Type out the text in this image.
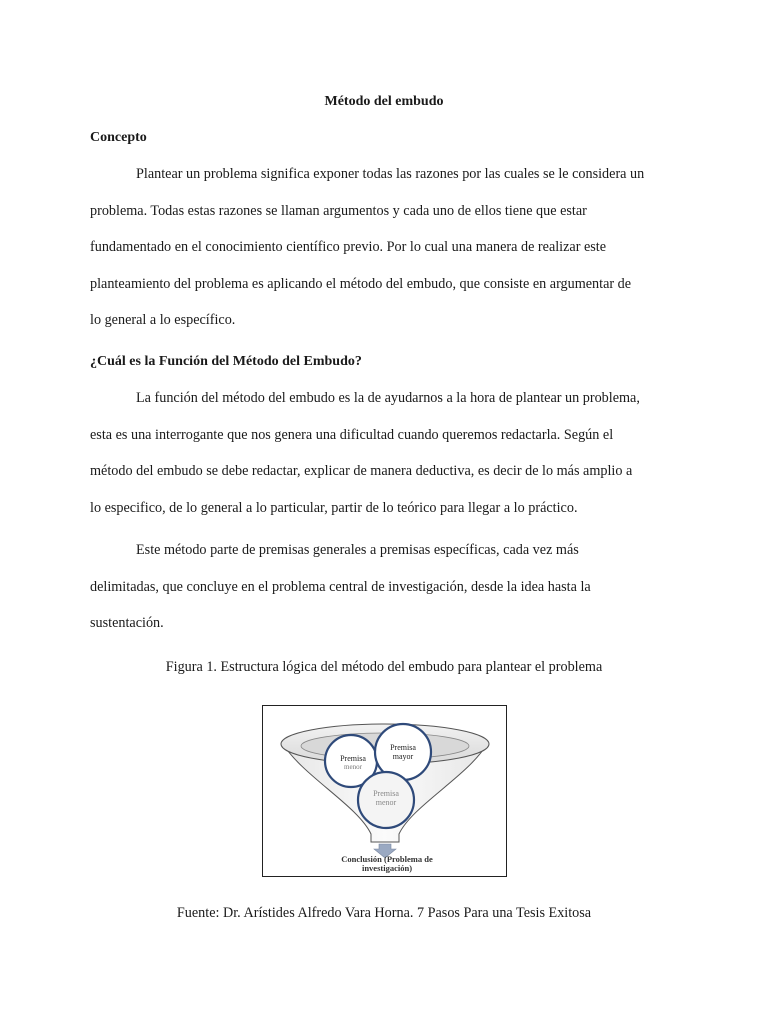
Método del embudo
Concepto
Plantear un problema significa exponer todas las razones por las cuales se le considera un
problema. Todas estas razones se llaman argumentos y cada uno de ellos tiene que estar
fundamentado en el conocimiento científico previo. Por lo cual una manera de realizar este
planteamiento del problema es aplicando el método del embudo, que consiste en argumentar de
lo general a lo específico.
¿Cuál es la Función del Método del Embudo?
La función del método del embudo es la de ayudarnos a la hora de plantear un problema,
esta es una interrogante que nos genera una dificultad cuando queremos redactarla. Según el
método del embudo se debe redactar, explicar de manera deductiva, es decir de lo más amplio a
lo especifico, de lo general a lo particular, partir de lo teórico para llegar a lo práctico.
Este método parte de premisas generales a premisas específicas, cada vez más
delimitadas, que concluye en el problema central de investigación, desde la idea hasta la
sustentación.
Figura 1. Estructura lógica del método del embudo para plantear el problema
Premisa
mayor
Premisa
menor
Premisa
menor
Conclusión (Problema de
investigación)
Fuente: Dr. Arístides Alfredo Vara Horna. 7 Pasos Para una Tesis Exitosa
